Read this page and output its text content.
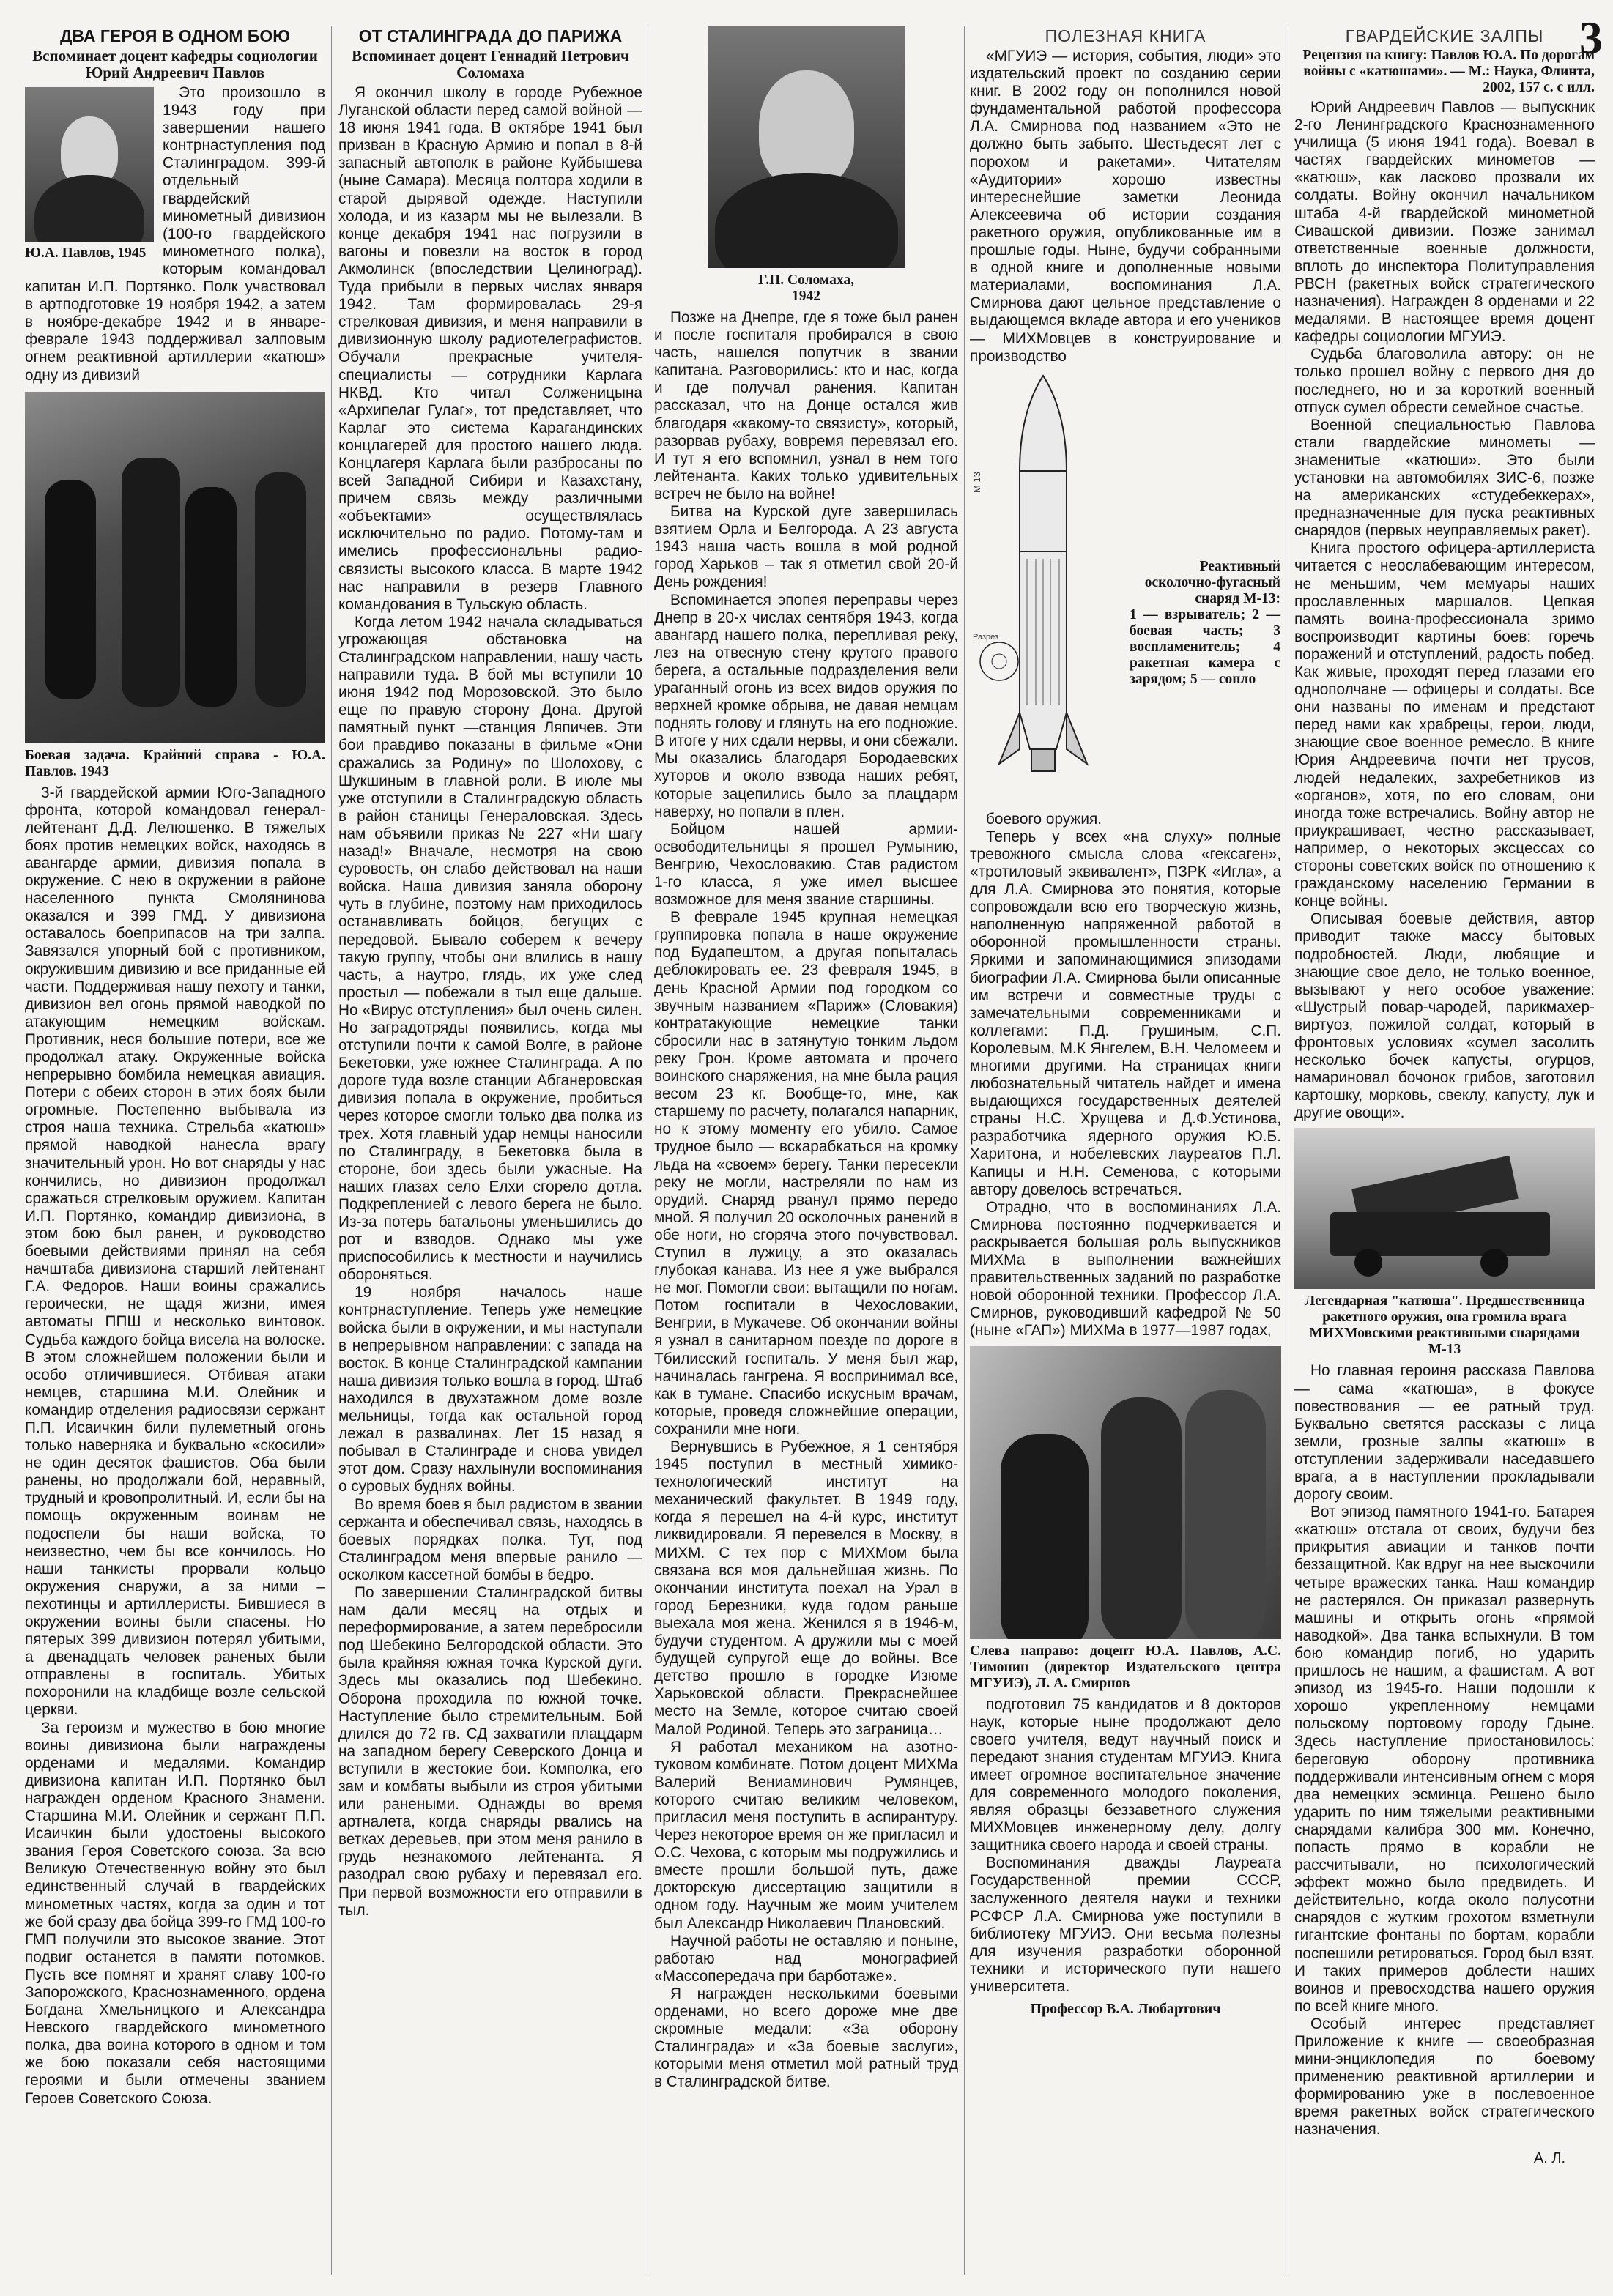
3
ДВА ГЕРОЯ В ОДНОМ БОЮ
Вспоминает доцент кафедры социологии Юрий Андреевич Павлов
Ю.А. Павлов, 1945

Это произошло в 1943 году при завершении нашего контрнаступления под Сталинградом. 399-й отдельный гвардейский минометный дивизион (100-го гвардейского минометного полка), которым командовал капитан И.П. Портянко. Полк участвовал в артподготовке 19 ноября 1942, а затем в ноябре-декабре 1942 и в январе-феврале 1943 поддерживал залповым огнем реактивной артиллерии «катюш» одну из дивизий

Боевая задача. Крайний справа - Ю.А. Павлов. 1943

3-й гвардейской армии Юго-Западного фронта, которой командовал генерал-лейтенант Д.Д. Лелюшенко. В тяжелых боях против немецких войск, находясь в авангарде армии, дивизия попала в окружение. С нею в окружении в районе населенного пункта Смолянинова оказался и 399 ГМД. У дивизиона оставалось боеприпасов на три залпа. Завязался упорный бой с противником, окружившим дивизию и все приданные ей части. Поддерживая нашу пехоту и танки, дивизион вел огонь прямой наводкой по атакующим немецким войскам. Противник, неся большие потери, все же продолжал атаку. Окруженные войска непрерывно бомбила немецкая авиация. Потери с обеих сторон в этих боях были огромные. Постепенно выбывала из строя наша техника. Стрельба «катюш» прямой наводкой нанесла врагу значительный урон. Но вот снаряды у нас кончились, но дивизион продолжал сражаться стрелковым оружием. Капитан И.П. Портянко, командир дивизиона, в этом бою был ранен, и руководство боевыми действиями принял на себя начштаба дивизиона старший лейтенант Г.А. Федоров. Наши воины сражались героически, не щадя жизни, имея автоматы ППШ и несколько винтовок. Судьба каждого бойца висела на волоске. В этом сложнейшем положении были и особо отличившиеся. Отбивая атаки немцев, старшина М.И. Олейник и командир отделения радиосвязи сержант П.П. Исаичкин били пулеметный огонь только наверняка и буквально «скосили» не один десяток фашистов. Оба были ранены, но продолжали бой, неравный, трудный и кровопролитный. И, если бы на помощь окруженным воинам не подоспели бы наши войска, то неизвестно, чем бы все кончилось. Но наши танкисты прорвали кольцо окружения снаружи, а за ними – пехотинцы и артиллеристы. Бившиеся в окружении воины были спасены. Но пятерых 399 дивизион потерял убитыми, а двенадцать человек раненых были отправлены в госпиталь. Убитых похоронили на кладбище возле сельской церкви.

За героизм и мужество в бою многие воины дивизиона были награждены орденами и медалями. Командир дивизиона капитан И.П. Портянко был награжден орденом Красного Знамени. Старшина М.И. Олейник и сержант П.П. Исаичкин были удостоены высокого звания Героя Советского союза. За всю Великую Отечественную войну это был единственный случай в гвардейских минометных частях, когда за один и тот же бой сразу два бойца 399-го ГМД 100-го ГМП получили это высокое звание. Этот подвиг останется в памяти потомков. Пусть все помнят и хранят славу 100-го Запорожского, Краснознаменного, ордена Богдана Хмельницкого и Александра Невского гвардейского минометного полка, два воина которого в одном и том же бою показали себя настоящими героями и были отмечены званием Героев Советского Союза.

ОТ СТАЛИНГРАДА ДО ПАРИЖА
Вспоминает доцент Геннадий Петрович Соломаха

Я окончил школу в городе Рубежное Луганской области перед самой войной — 18 июня 1941 года. В октябре 1941 был призван в Красную Армию и попал в 8-й запасный автополк в районе Куйбышева (ныне Самара). Месяца полтора ходили в старой дырявой одежде. Наступили холода, и из казарм мы не вылезали. В конце декабря 1941 нас погрузили в вагоны и повезли на восток в город Акмолинск (впоследствии Целиноград). Туда прибыли в первых числах января 1942. Там формировалась 29-я стрелковая дивизия, и меня направили в дивизионную школу радиотелеграфистов. Обучали прекрасные учителя-специалисты — сотрудники Карлага НКВД. Кто читал Солженицына «Архипелаг Гулаг», тот представляет, что Карлаг это система Карагандинских концлагерей для простого нашего люда. Концлагеря Карлага были разбросаны по всей Западной Сибири и Казахстану, причем связь между различными «объектами» осуществлялась исключительно по радио. Потому-там и имелись профессиональны радио-связисты высокого класса. В марте 1942 нас направили в резерв Главного командования в Тульскую область.

Когда летом 1942 начала складываться угрожающая обстановка на Сталинградском направлении, нашу часть направили туда. В бой мы вступили 10 июня 1942 под Морозовской. Это было еще по правую сторону Дона. Другой памятный пункт —станция Ляпичев. Эти бои правдиво показаны в фильме «Они сражались за Родину» по Шолохову, с Шукшиным в главной роли. В июле мы уже отступили в Сталинградскую область в район станицы Генераловская. Здесь нам объявили приказ № 227 «Ни шагу назад!» Вначале, несмотря на свою суровость, он слабо действовал на наши войска. Наша дивизия заняла оборону чуть в глубине, поэтому нам приходилось останавливать бойцов, бегущих с передовой. Бывало соберем к вечеру такую группу, чтобы они влились в нашу часть, а наутро, глядь, их уже след простыл — побежали в тыл еще дальше. Но «Вирус отступления» был очень силен. Но заградотряды появились, когда мы отступили почти к самой Волге, в районе Бекетовки, уже южнее Сталинграда. А по дороге туда возле станции Абганеровская дивизия попала в окружение, пробиться через которое смогли только два полка из трех. Хотя главный удар немцы наносили по Сталинграду, в Бекетовка была в стороне, бои здесь были ужасные. На наших глазах село Елхи сгорело дотла. Подкрепленией с левого берега не было. Из-за потерь батальоны уменьшились до рот и взводов. Однако мы уже приспособились к местности и научились обороняться.

19 ноября началось наше контрнаступление. Теперь уже немецкие войска были в окружении, и мы наступали в непрерывном направлении: с запада на восток. В конце Сталинградской кампании наша дивизия только вошла в город. Штаб находился в двухэтажном доме возле мельницы, тогда как остальной город лежал в развалинах. Лет 15 назад я побывал в Сталинграде и снова увидел этот дом. Сразу нахлынули воспоминания о суровых буднях войны.

Во время боев я был радистом в звании сержанта и обеспечивал связь, находясь в боевых порядках полка. Тут, под Сталинградом меня впервые ранило — осколком кассетной бомбы в бедро.

По завершении Сталинградской битвы нам дали месяц на отдых и переформирование, а затем перебросили под Шебекино Белгородской области. Это была крайняя южная точка Курской дуги. Здесь мы оказались под Шебекино. Оборона проходила по южной точке. Наступление было стремительным. Бой длился до 72 гв. СД захватили плацдарм на западном берегу Северского Донца и вступили в жестокие бои. Комполка, его зам и комбаты выбыли из строя убитыми или ранеными. Однажды во время артналета, когда снаряды рвались на ветках деревьев, при этом меня ранило в грудь незнакомого лейтенанта. Я разодрал свою рубаху и перевязал его. При первой возможности его отправили в тыл.

Г.П. Соломаха,
1942

Позже на Днепре, где я тоже был ранен и после госпиталя пробирался в свою часть, нашелся попутчик в звании капитана. Разговорились: кто и нас, когда и где получал ранения. Капитан рассказал, что на Донце остался жив благодаря «какому-то связисту», который, разорвав рубаху, вовремя перевязал его. И тут я его вспомнил, узнал в нем того лейтенанта. Каких только удивительных встреч не было на войне!

Битва на Курской дуге завершилась взятием Орла и Белгорода. А 23 августа 1943 наша часть вошла в мой родной город Харьков – так я отметил свой 20-й День рождения!

Вспоминается эпопея переправы через Днепр в 20-х числах сентября 1943, когда авангард нашего полка, перепливая реку, лез на отвесную стену крутого правого берега, а остальные подразделения вели ураганный огонь из всех видов оружия по верхней кромке обрыва, не давая немцам поднять голову и глянуть на его подножие. В итоге у них сдали нервы, и они сбежали. Мы оказались благодаря Бородаевских хуторов и около взвода наших ребят, которые зацепились было за плацдарм наверху, но попали в плен.

Бойцом нашей армии-освободительницы я прошел Румынию, Венгрию, Чехословакию. Став радистом 1-го класса, я уже имел высшее возможное для меня звание старшины.

В феврале 1945 крупная немецкая группировка попала в наше окружение под Будапештом, а другая попыталась деблокировать ее. 23 февраля 1945, в день Красной Армии под городком со звучным названием «Париж» (Словакия) контратакующие немецкие танки сбросили нас в затянутую тонким льдом реку Грон. Кроме автомата и прочего воинского снаряжения, на мне была рация весом 23 кг. Вообще-то, мне, как старшему по расчету, полагался напарник, но к этому моменту его убило. Самое трудное было — вскарабкаться на кромку льда на «своем» берегу. Танки пересекли реку не могли, настреляли по нам из орудий. Снаряд рванул прямо передо мной. Я получил 20 осколочных ранений в обе ноги, но сгоряча этого почувствовал. Ступил в лужицу, а это оказалась глубокая канава. Из нее я уже выбрался не мог. Помогли свои: вытащили по ногам. Потом госпитали в Чехословакии, Венгрии, в Мукачеве. Об окончании войны я узнал в санитарном поезде по дороге в Тбилисский госпиталь. У меня был жар, начиналась гангрена. Я воспринимал все, как в тумане. Спасибо искусным врачам, которые, проведя сложнейшие операции, сохранили мне ноги.

Вернувшись в Рубежное, я 1 сентября 1945 поступил в местный химико-технологический институт на механический факультет. В 1949 году, когда я перешел на 4-й курс, институт ликвидировали. Я перевелся в Москву, в МИХМ. С тех пор с МИХМом была связана вся моя дальнейшая жизнь. По окончании института поехал на Урал в город Березники, куда годом раньше выехала моя жена. Женился я в 1946-м, будучи студентом. А дружили мы с моей будущей супругой еще до войны. Все детство прошло в городке Изюме Харьковской области. Прекраснейшее место на Земле, которое считаю своей Малой Родиной. Теперь это заграница…

Я работал механиком на азотно-туковом комбинате. Потом доцент МИХМа Валерий Вениаминович Румянцев, которого считаю великим человеком, пригласил меня поступить в аспирантуру. Через некоторое время он же пригласил и О.С. Чехова, с которым мы подружились и вместе прошли большой путь, даже докторскую диссертацию защитили в одном году. Научным же моим учителем был Александр Николаевич Плановский.

Научной работы не оставляю и поныне, работаю над монографией «Массопередача при барботаже».

Я награжден несколькими боевыми орденами, но всего дороже мне две скромные медали: «За оборону Сталинграда» и «За боевые заслуги», которыми меня отметил мой ратный труд в Сталинградской битве.

ПОЛЕЗНАЯ КНИГА

«МГУИЭ — история, события, люди» это издательский проект по созданию серии книг. В 2002 году он пополнился новой фундаментальной работой профессора Л.А. Смирнова под названием «Это не должно быть забыто. Шестьдесят лет с порохом и ракетами». Читателям «Аудитории» хорошо известны интереснейшие заметки Леонида Алексеевича об истории создания ракетного оружия, опубликованные им в прошлые годы. Ныне, будучи собранными в одной книге и дополненные новыми материалами, воспоминания Л.А. Смирнова дают цельное представление о выдающемся вкладе автора и его учеников — МИХМовцев в конструирование и производство

М 13
Разрез
Реактивный осколочно-фугасный снаряд М-13:
1 — взрыватель; 2 — боевая часть; 3 воспламенитель; 4 ракетная камера с зарядом; 5 — сопло

боевого оружия.

Теперь у всех «на слуху» полные тревожного смысла слова «гексаген», «тротиловый эквивалент», ПЗРК «Игла», а для Л.А. Смирнова это понятия, которые сопровождали всю его творческую жизнь, наполненную напряженной работой в оборонной промышленности страны. Яркими и запоминающимися эпизодами биографии Л.А. Смирнова были описанные им встречи и совместные труды с замечательными современниками и коллегами: П.Д. Грушиным, С.П. Королевым, М.К Янгелем, В.Н. Челомеем и многими другими. На страницах книги любознательный читатель найдет и имена выдающихся государственных деятелей страны Н.С. Хрущева и Д.Ф.Устинова, разработчика ядерного оружия Ю.Б. Харитона, и нобелевских лауреатов П.Л. Капицы и Н.Н. Семенова, с которыми автору довелось встречаться.

Отрадно, что в воспоминаниях Л.А. Смирнова постоянно подчеркивается и раскрывается большая роль выпускников МИХМа в выполнении важнейших правительственных заданий по разработке новой оборонной техники. Профессор Л.А. Смирнов, руководивший кафедрой № 50 (ныне «ГАП») МИХМа в 1977—1987 годах,

Слева направо: доцент Ю.А. Павлов, А.С. Тимонин (директор Издательского центра МГУИЭ), Л. А. Смирнов

подготовил 75 кандидатов и 8 докторов наук, которые ныне продолжают дело своего учителя, ведут научный поиск и передают знания студентам МГУИЭ. Книга имеет огромное воспитательное значение для современного молодого поколения, являя образцы беззаветного служения МИХМовцев инженерному делу, долгу защитника своего народа и своей страны.

Воспоминания дважды Лауреата Государственной премии СССР, заслуженного деятеля науки и техники РСФСР Л.А. Смирнова уже поступили в библиотеку МГУИЭ. Они весьма полезны для изучения разработки оборонной техники и исторического пути нашего университета.

Профессор В.А. Любартович
ГВАРДЕЙСКИЕ ЗАЛПЫ
Рецензия на книгу: Павлов Ю.А. По дорогам войны с «катюшами». — М.: Наука, Флинта, 2002, 157 с. с илл.

Юрий Андреевич Павлов — выпускник 2-го Ленинградского Краснознаменного училища (5 июня 1941 года). Воевал в частях гвардейских минометов — «катюш», как ласково прозвали их солдаты. Войну окончил начальником штаба 4-й гвардейской минометной Сивашской дивизии. Позже занимал ответственные военные должности, вплоть до инспектора Политуправления РВСН (ракетных войск стратегического назначения). Награжден 8 орденами и 22 медалями. В настоящее время доцент кафедры социологии МГУИЭ.

Судьба благоволила автору: он не только прошел войну с первого дня до последнего, но и за короткий военный отпуск сумел обрести семейное счастье.

Военной специальностью Павлова стали гвардейские минометы — знаменитые «катюши». Это были установки на автомобилях ЗИС-6, позже на американских «студебеккерах», предназначенные для пуска реактивных снарядов (первых неуправляемых ракет).

Книга простого офицера-артиллериста читается с неослабевающим интересом, не меньшим, чем мемуары наших прославленных маршалов. Цепкая память воина-профессионала зримо воспроизводит картины боев: горечь поражений и отступлений, радость побед. Как живые, проходят перед глазами его однополчане — офицеры и солдаты. Все они названы по именам и предстают перед нами как храбрецы, герои, люди, знающие свое военное ремесло. В книге Юрия Андреевича почти нет трусов, людей недалеких, захребетников из «органов», хотя, по его словам, они иногда тоже встречались. Войну автор не приукрашивает, честно рассказывает, например, о некоторых эксцессах со стороны советских войск по отношению к гражданскому населению Германии в конце войны.

Описывая боевые действия, автор приводит также массу бытовых подробностей. Люди, любящие и знающие свое дело, не только военное, вызывают у него особое уважение: «Шустрый повар-чародей, парикмахер-виртуоз, пожилой солдат, который в фронтовых условиях «сумел засолить несколько бочек капусты, огурцов, намариновал бочонок грибов, заготовил картошку, морковь, свеклу, капусту, лук и другие овощи».

Легендарная "катюша". Предшественница ракетного оружия, она громила врага МИХМовскими реактивными снарядами М-13

Но главная героиня рассказа Павлова — сама «катюша», в фокусе повествования — ее ратный труд. Буквально светятся рассказы с лица земли, грозные залпы «катюш» в отступлении задерживали наседавшего врага, а в наступлении прокладывали дорогу своим.

Вот эпизод памятного 1941-го. Батарея «катюш» отстала от своих, будучи без прикрытия авиации и танков почти беззащитной. Как вдруг на нее выскочили четыре вражеских танка. Наш командир не растерялся. Он приказал развернуть машины и открыть огонь «прямой наводкой». Два танка вспыхнули. В том бою командир погиб, но ударить пришлось не нашим, а фашистам. А вот эпизод из 1945-го. Наши подошли к хорошо укрепленному немцами польскому портовому городу Гдыне. Здесь наступление приостановилось: береговую оборону противника поддерживали интенсивным огнем с моря два немецких эсминца. Решено было ударить по ним тяжелыми реактивными снарядами калибра 300 мм. Конечно, попасть прямо в корабли не рассчитывали, но психологический эффект можно было предвидеть. И действительно, когда около полусотни снарядов с жутким грохотом взметнули гигантские фонтаны по бортам, корабли поспешили ретироваться. Город был взят. И таких примеров доблести наших воинов и превосходства нашего оружия по всей книге много.

Особый интерес представляет Приложение к книге — своеобразная мини-энциклопедия по боевому применению реактивной артиллерии и формированию уже в послевоенное время ракетных войск стратегического назначения.

А. Л.
